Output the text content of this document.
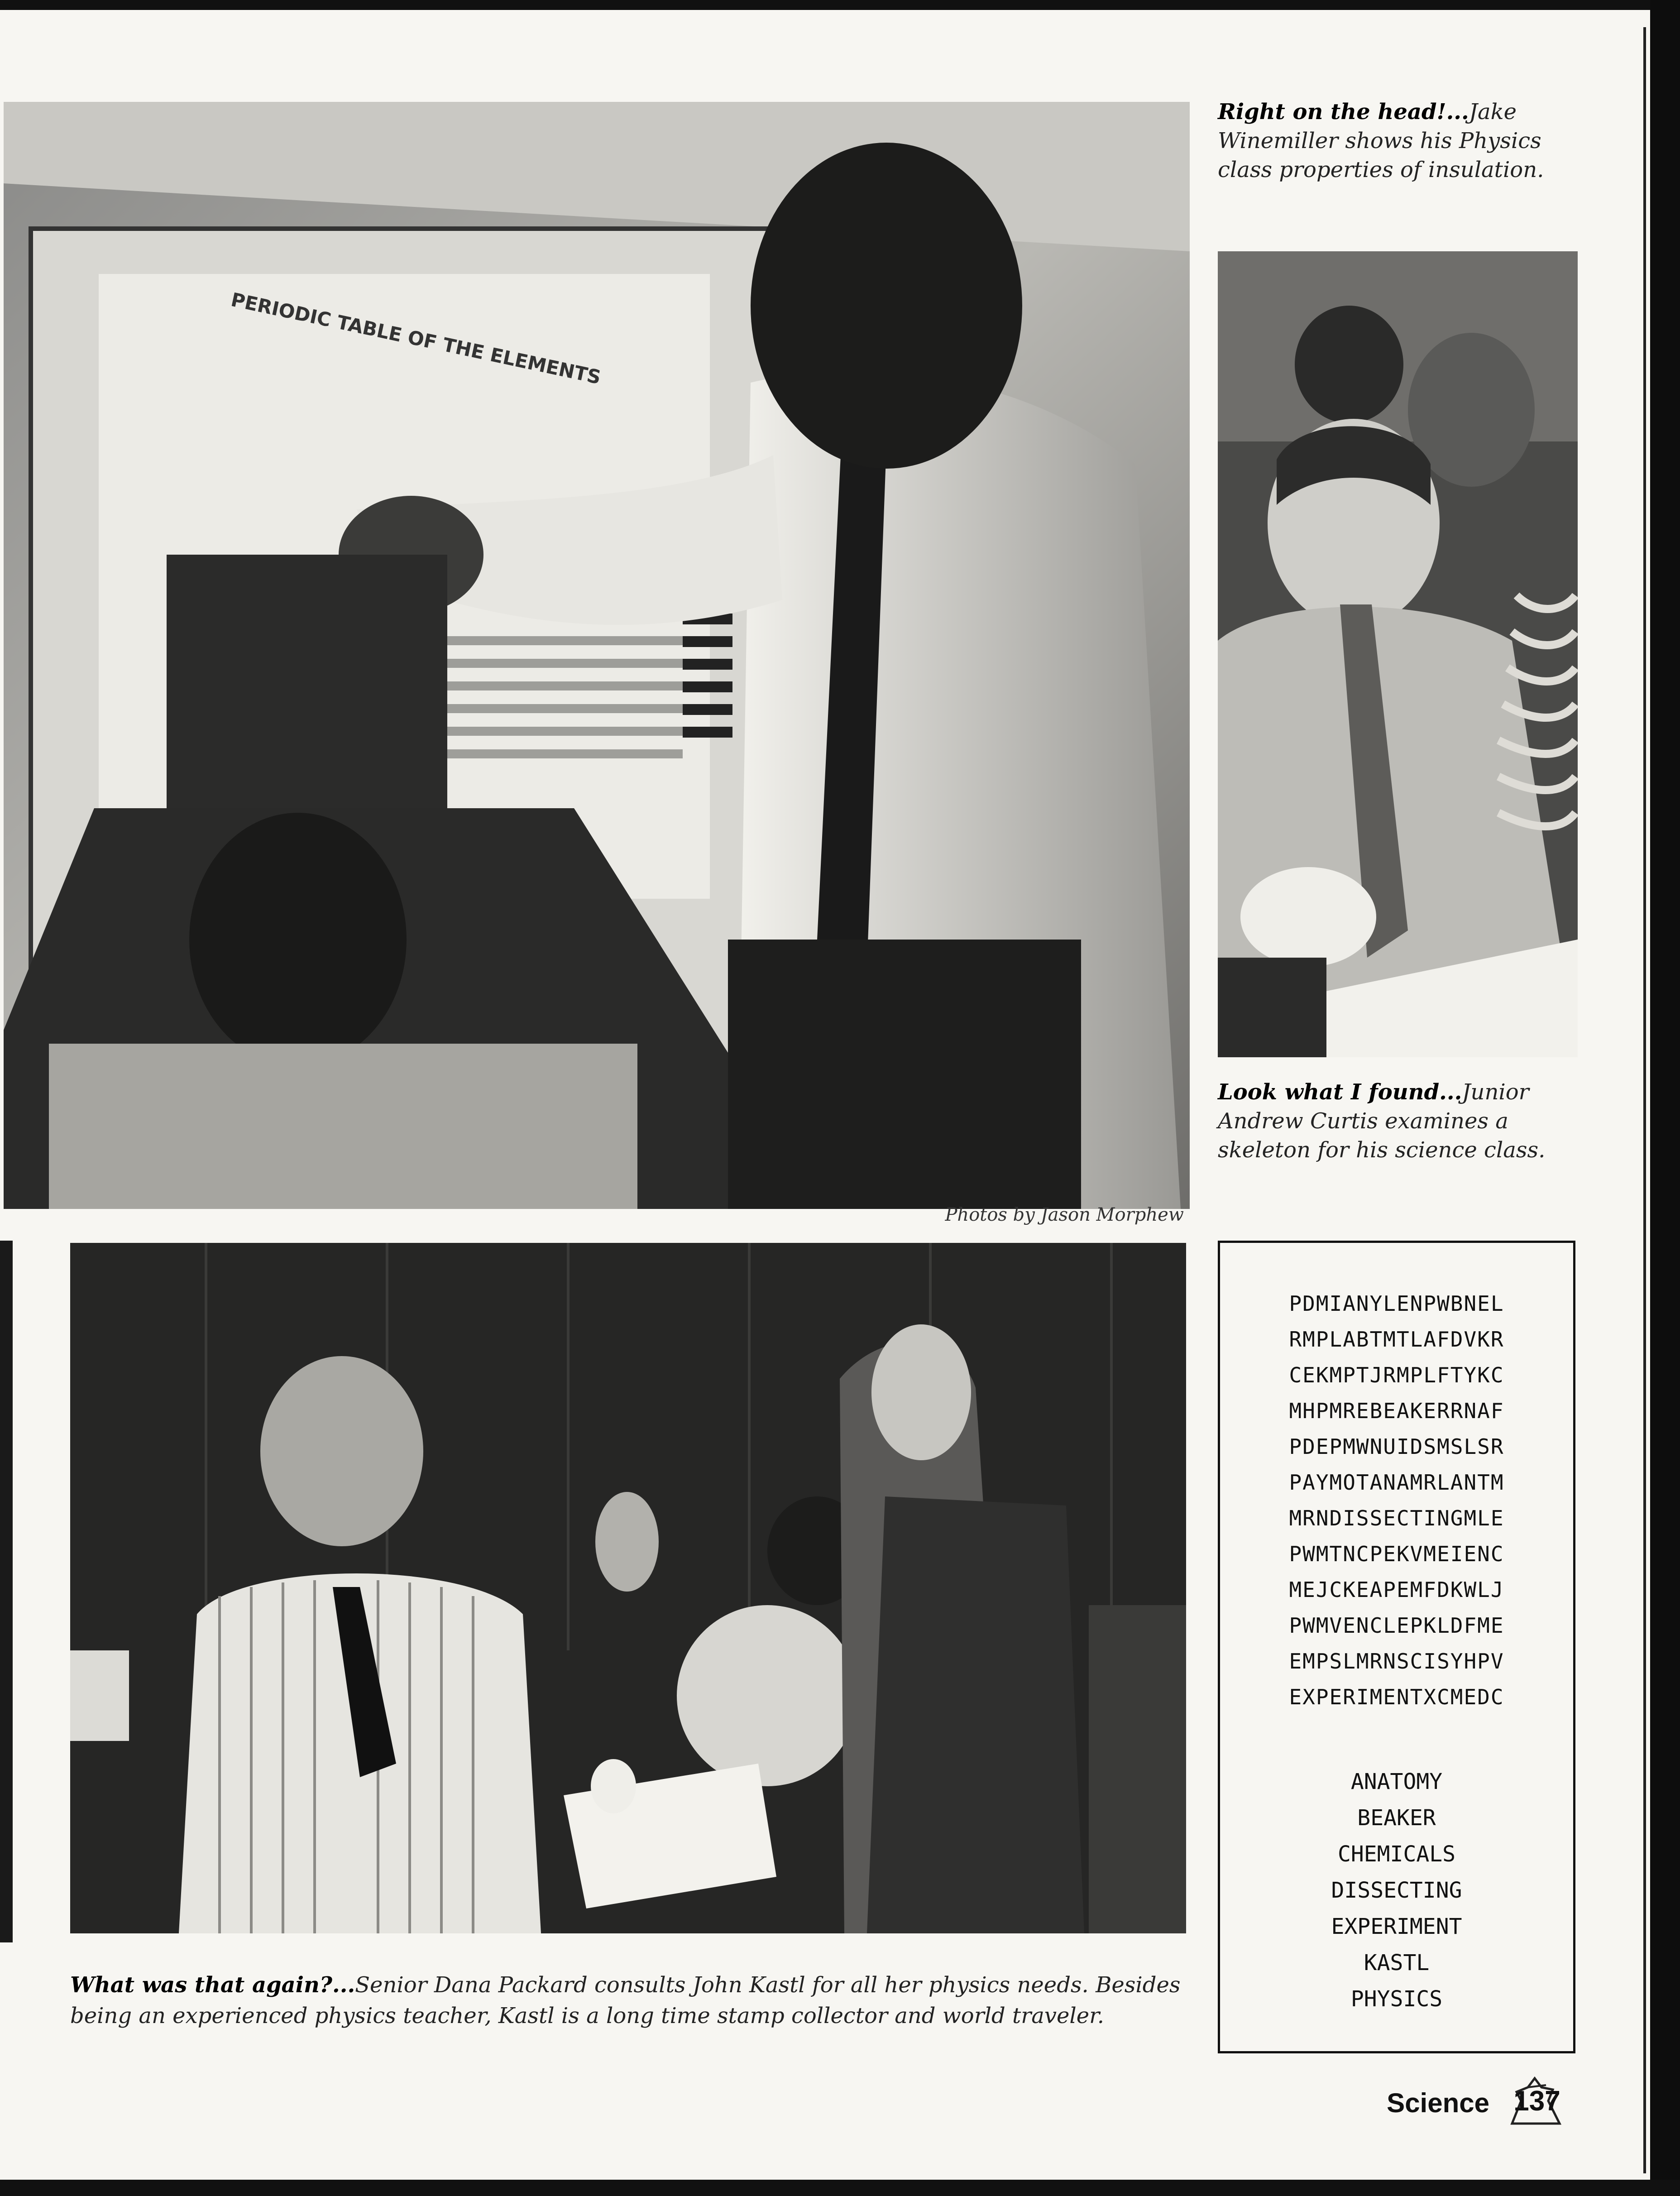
PERIODIC TABLE OF THE ELEMENTS
Right on the head!...Jake Winemiller shows his Physics class properties of insulation.
Look what I found...Junior Andrew Curtis examines a skeleton for his science class.
Photos by Jason Morphew
What was that again?...Senior Dana Packard consults John Kastl for all her physics needs. Besides being an experienced physics teacher, Kastl is a long time stamp collector and world traveler.
PDMIANYLENPWBNEL
RMPLABTMTLAFDVKR
CEKMPTJRMPLFTYKC
MHPMREBEAKERRNAF
PDEPMWNUIDSMSLSR
PAYMOTANAMRLANTM
MRNDISSECTINGMLE
PWMTNCPEKVMEIENC
MEJCKEAPEMFDKWLJ
PWMVENCLEPKLDFME
EMPSLMRNSCISYHPV
EXPERIMENTXCMEDC
ANATOMY
BEAKER
CHEMICALS
DISSECTING
EXPERIMENT
KASTL
PHYSICS
Science 137
